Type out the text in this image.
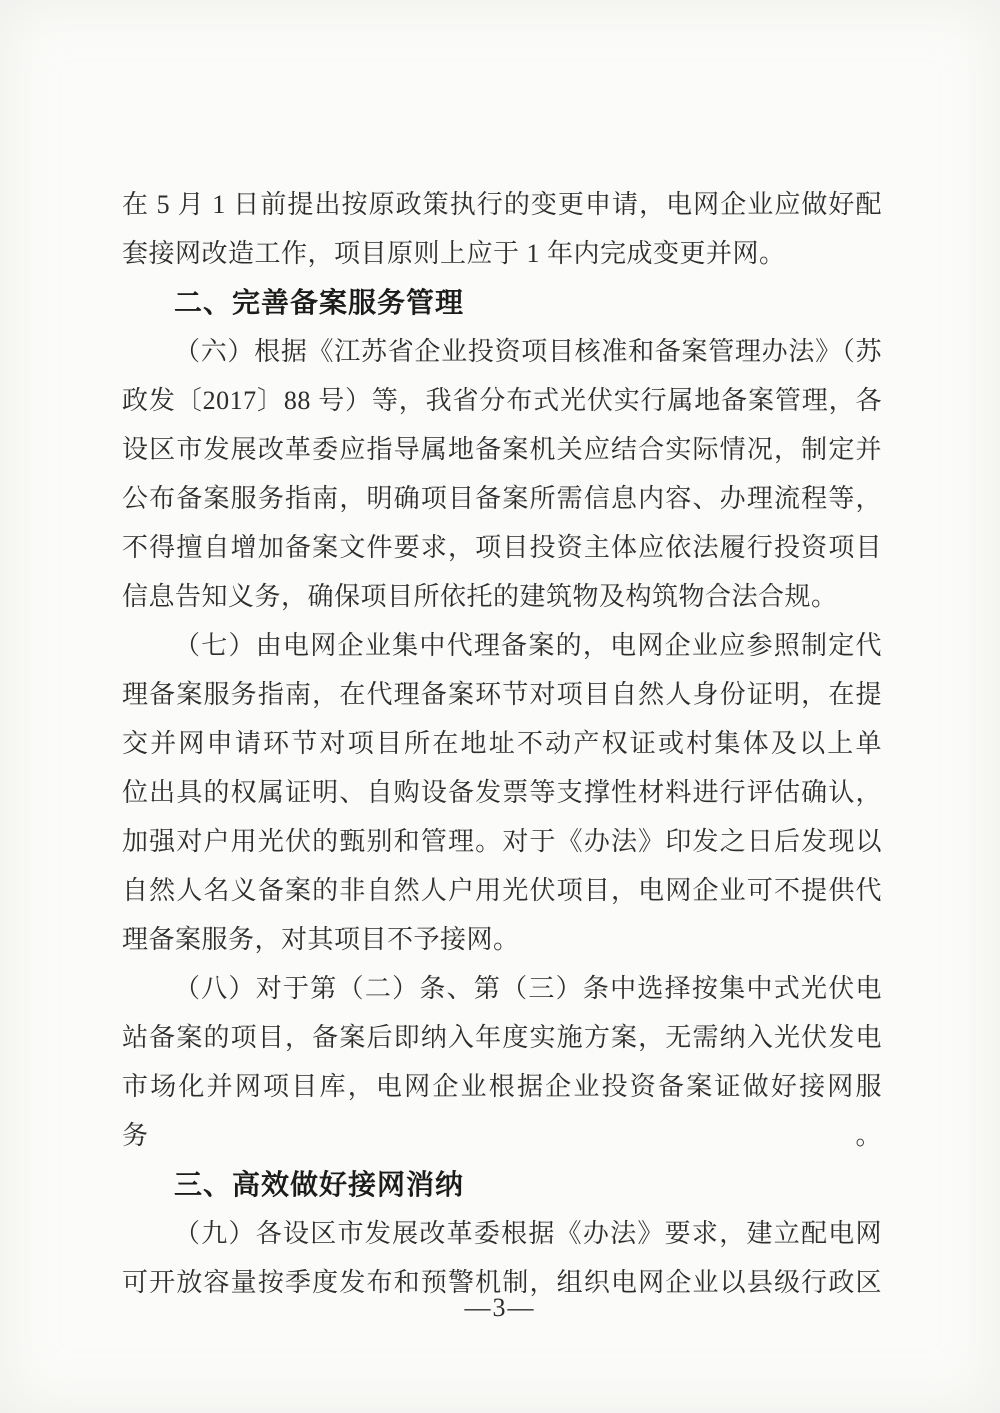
在 5 月 1 日前提出按原政策执行的变更申请，电网企业应做好配

套接网改造工作，项目原则上应于 1 年内完成变更并网。

二、完善备案服务管理

（六）根据《江苏省企业投资项目核准和备案管理办法》（苏

政发〔2017〕88 号）等，我省分布式光伏实行属地备案管理，各

设区市发展改革委应指导属地备案机关应结合实际情况，制定并

公布备案服务指南，明确项目备案所需信息内容、办理流程等，

不得擅自增加备案文件要求，项目投资主体应依法履行投资项目

信息告知义务，确保项目所依托的建筑物及构筑物合法合规。

（七）由电网企业集中代理备案的，电网企业应参照制定代

理备案服务指南，在代理备案环节对项目自然人身份证明，在提

交并网申请环节对项目所在地址不动产权证或村集体及以上单

位出具的权属证明、自购设备发票等支撑性材料进行评估确认，

加强对户用光伏的甄别和管理。对于《办法》印发之日后发现以

自然人名义备案的非自然人户用光伏项目，电网企业可不提供代

理备案服务，对其项目不予接网。

（八）对于第（二）条、第（三）条中选择按集中式光伏电

站备案的项目，备案后即纳入年度实施方案，无需纳入光伏发电

市场化并网项目库，电网企业根据企业投资备案证做好接网服务。

三、高效做好接网消纳

（九）各设区市发展改革委根据《办法》要求，建立配电网

可开放容量按季度发布和预警机制，组织电网企业以县级行政区

—3—
